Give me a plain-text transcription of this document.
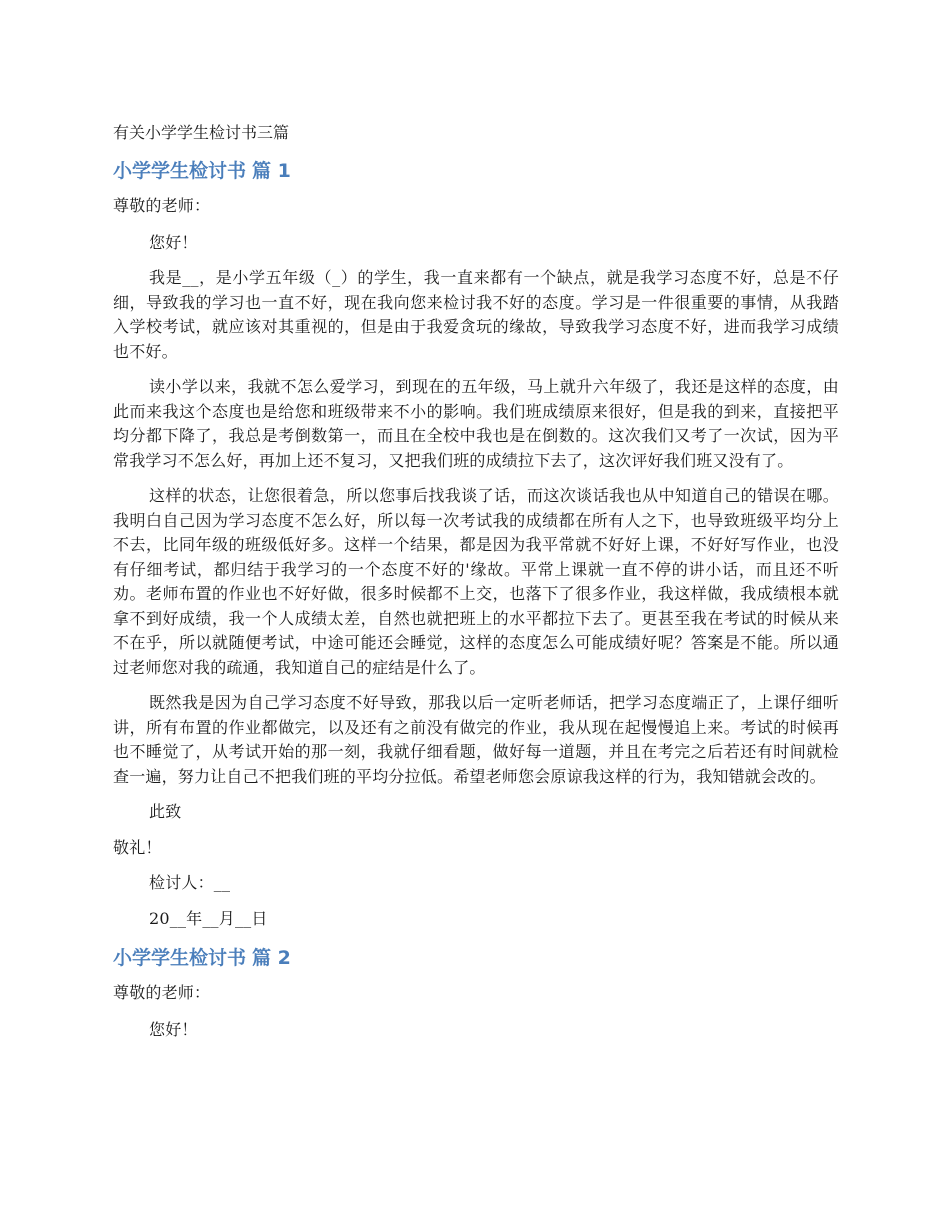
有关小学学生检讨书三篇
小学学生检讨书 篇 1
尊敬的老师：
您好！
我是__，是小学五年级（_）的学生，我一直来都有一个缺点，就是我学习态度不好，总是不仔细，导致我的学习也一直不好，现在我向您来检讨我不好的态度。学习是一件很重要的事情，从我踏入学校考试，就应该对其重视的，但是由于我爱贪玩的缘故，导致我学习态度不好，进而我学习成绩也不好。
读小学以来，我就不怎么爱学习，到现在的五年级，马上就升六年级了，我还是这样的态度，由此而来我这个态度也是给您和班级带来不小的影响。我们班成绩原来很好，但是我的到来，直接把平均分都下降了，我总是考倒数第一，而且在全校中我也是在倒数的。这次我们又考了一次试，因为平常我学习不怎么好，再加上还不复习，又把我们班的成绩拉下去了，这次评好我们班又没有了。
这样的状态，让您很着急，所以您事后找我谈了话，而这次谈话我也从中知道自己的错误在哪。我明白自己因为学习态度不怎么好，所以每一次考试我的成绩都在所有人之下，也导致班级平均分上不去，比同年级的班级低好多。这样一个结果，都是因为我平常就不好好上课，不好好写作业，也没有仔细考试，都归结于我学习的一个态度不好的'缘故。平常上课就一直不停的讲小话，而且还不听劝。老师布置的作业也不好好做，很多时候都不上交，也落下了很多作业，我这样做，我成绩根本就拿不到好成绩，我一个人成绩太差，自然也就把班上的水平都拉下去了。更甚至我在考试的时候从来不在乎，所以就随便考试，中途可能还会睡觉，这样的态度怎么可能成绩好呢？答案是不能。所以通过老师您对我的疏通，我知道自己的症结是什么了。
既然我是因为自己学习态度不好导致，那我以后一定听老师话，把学习态度端正了，上课仔细听讲，所有布置的作业都做完，以及还有之前没有做完的作业，我从现在起慢慢追上来。考试的时候再也不睡觉了，从考试开始的那一刻，我就仔细看题，做好每一道题，并且在考完之后若还有时间就检查一遍，努力让自己不把我们班的平均分拉低。希望老师您会原谅我这样的行为，我知错就会改的。
此致
敬礼！
检讨人：__
20__年__月__日
小学学生检讨书 篇 2
尊敬的老师：
您好！
